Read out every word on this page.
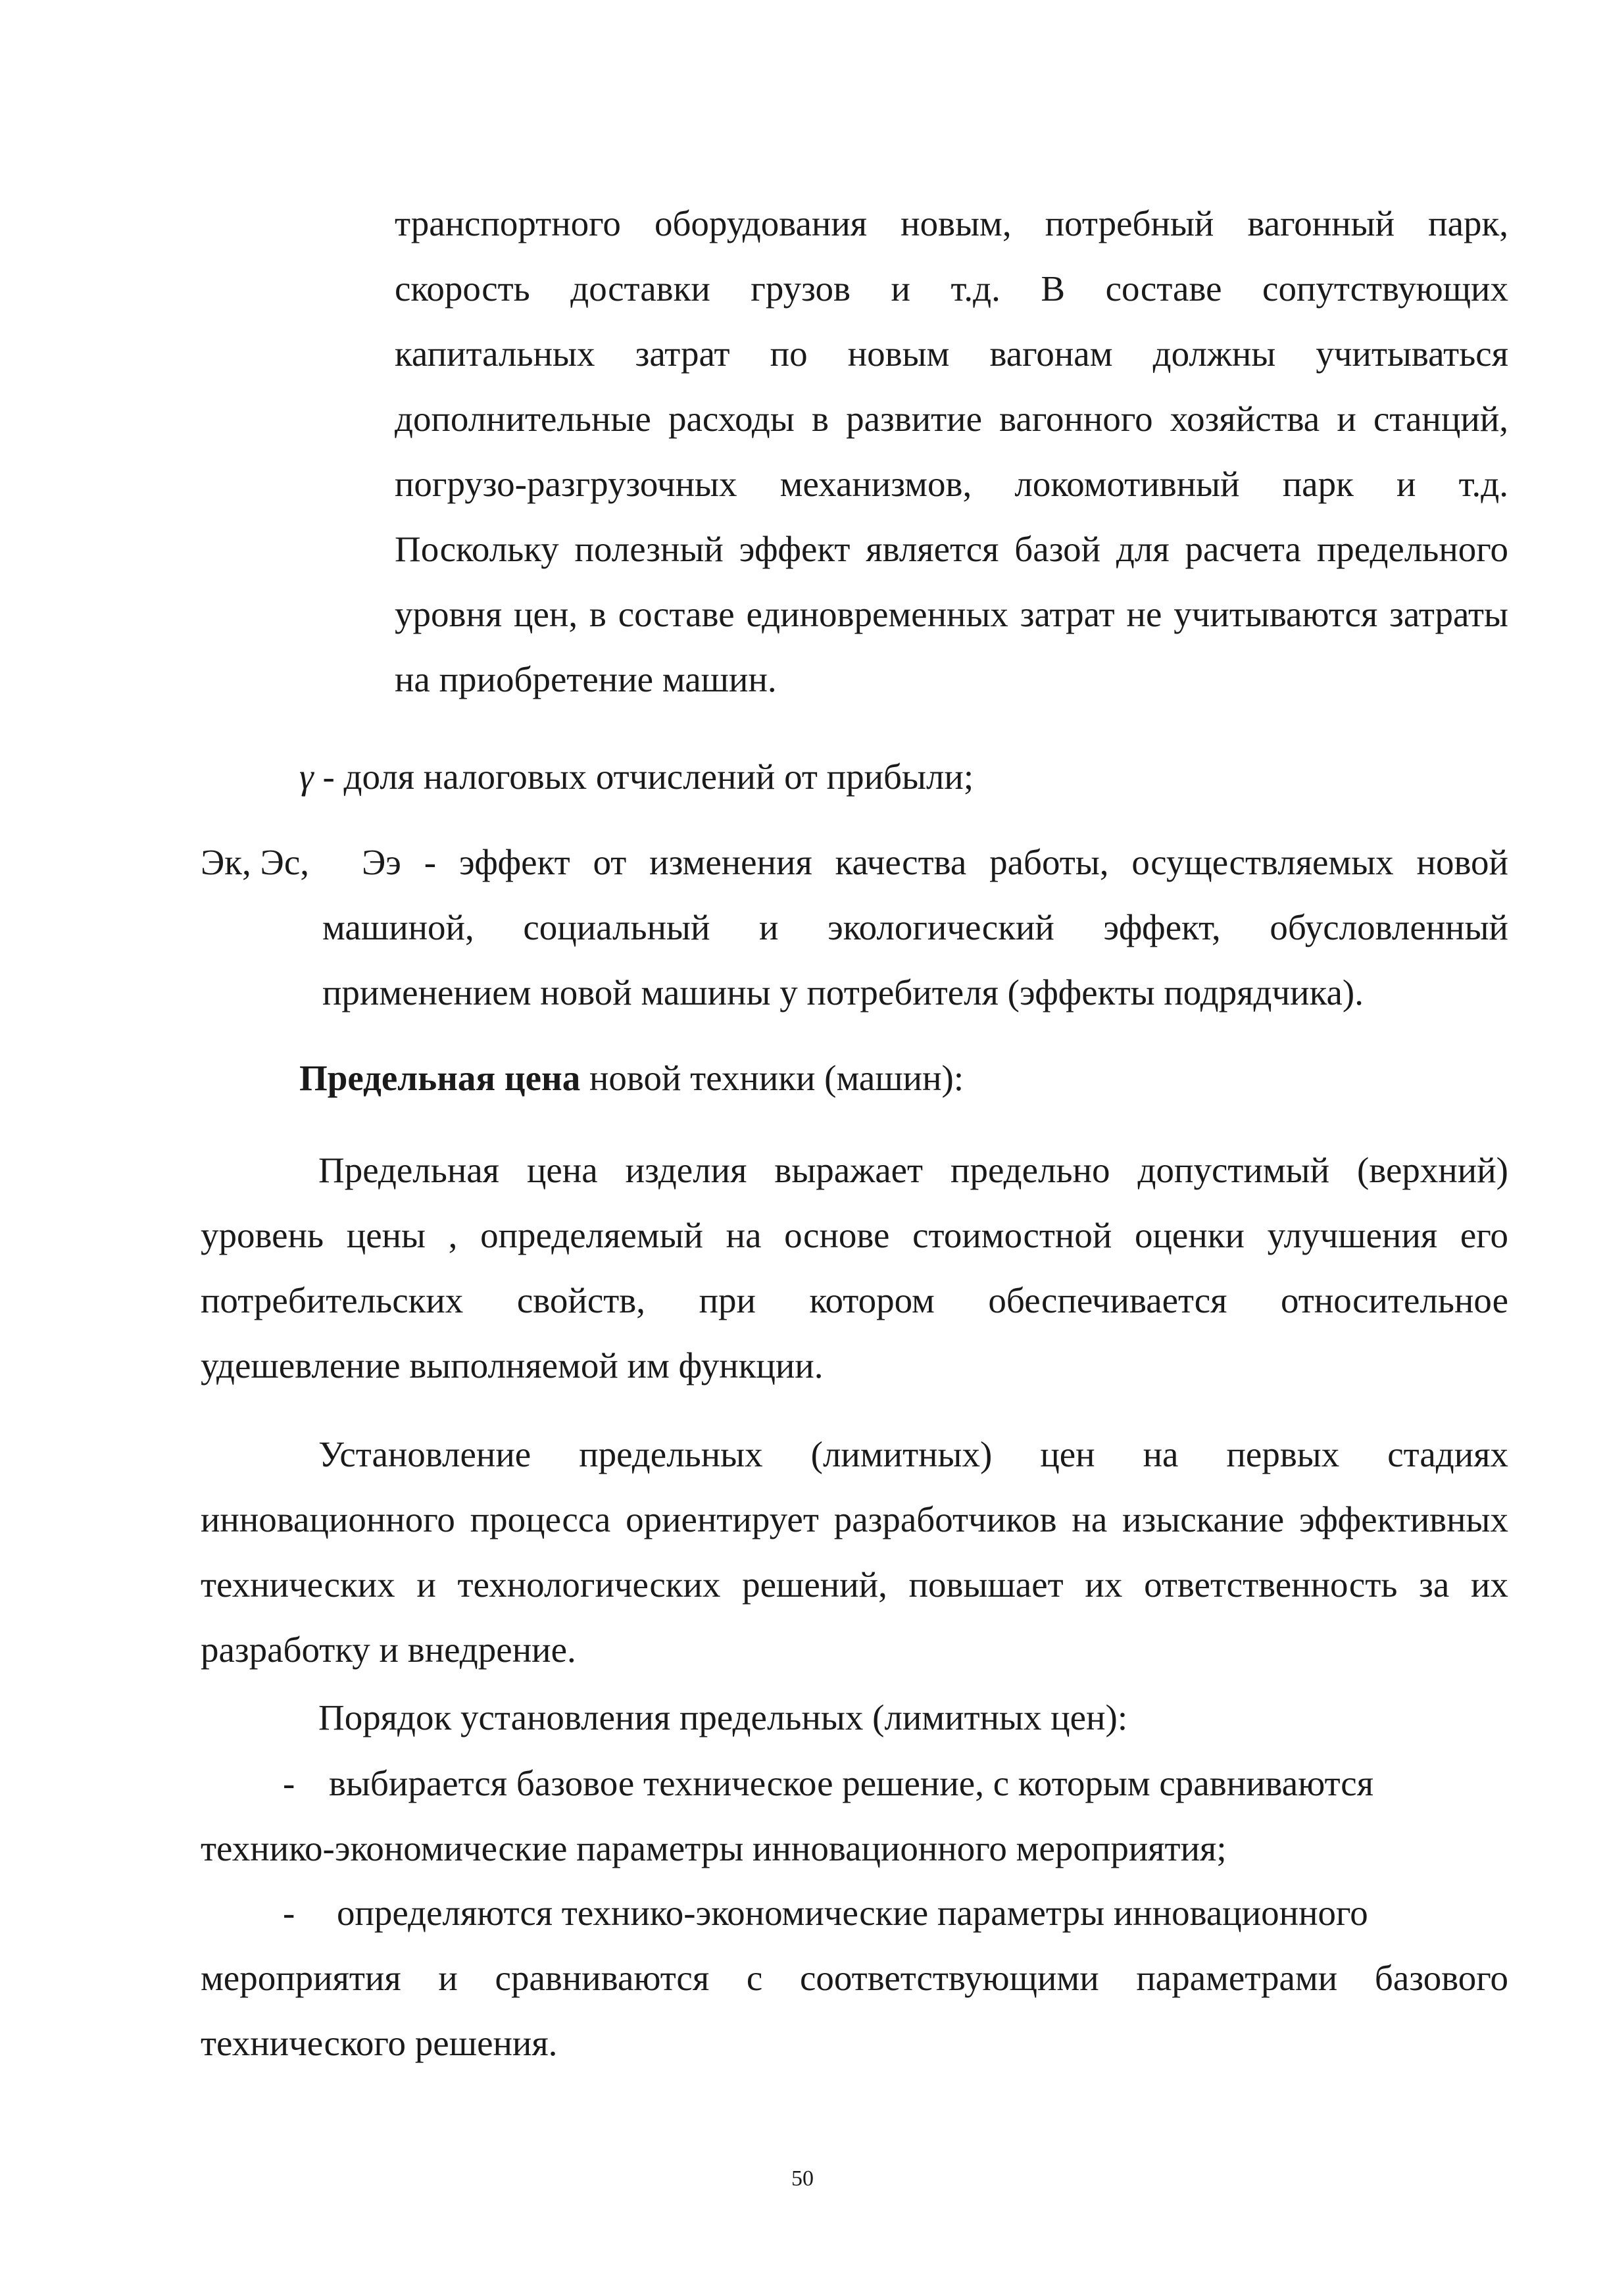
транспортного оборудования новым, потребный вагонный парк,
скорость доставки грузов и т.д. В составе сопутствующих
капитальных затрат по новым вагонам должны учитываться
дополнительные расходы в развитие вагонного хозяйства и станций,
погрузо-разгрузочных механизмов, локомотивный парк и т.д.
Поскольку полезный эффект является базой для расчета предельного
уровня цен, в составе единовременных затрат не учитываются затраты
на приобретение машин.
γ - доля налоговых отчислений от прибыли;
Эк, Эс, Ээ - эффект от изменения качества работы, осуществляемых новой
машиной, социальный и экологический эффект, обусловленный
применением новой машины у потребителя (эффекты подрядчика).
Предельная цена новой техники (машин):
Предельная цена изделия выражает предельно допустимый (верхний)
уровень цены , определяемый на основе стоимостной оценки улучшения его
потребительских свойств, при котором обеспечивается относительное
удешевление выполняемой им функции.
Установление предельных (лимитных) цен на первых стадиях
инновационного процесса ориентирует разработчиков на изыскание эффективных
технических и технологических решений, повышает их ответственность за их
разработку и внедрение.
Порядок установления предельных (лимитных цен):
- выбирается базовое техническое решение, с которым сравниваются
технико-экономические параметры инновационного мероприятия;
- определяются технико-экономические параметры инновационного
мероприятия и сравниваются с соответствующими параметрами базового
технического решения.
50
